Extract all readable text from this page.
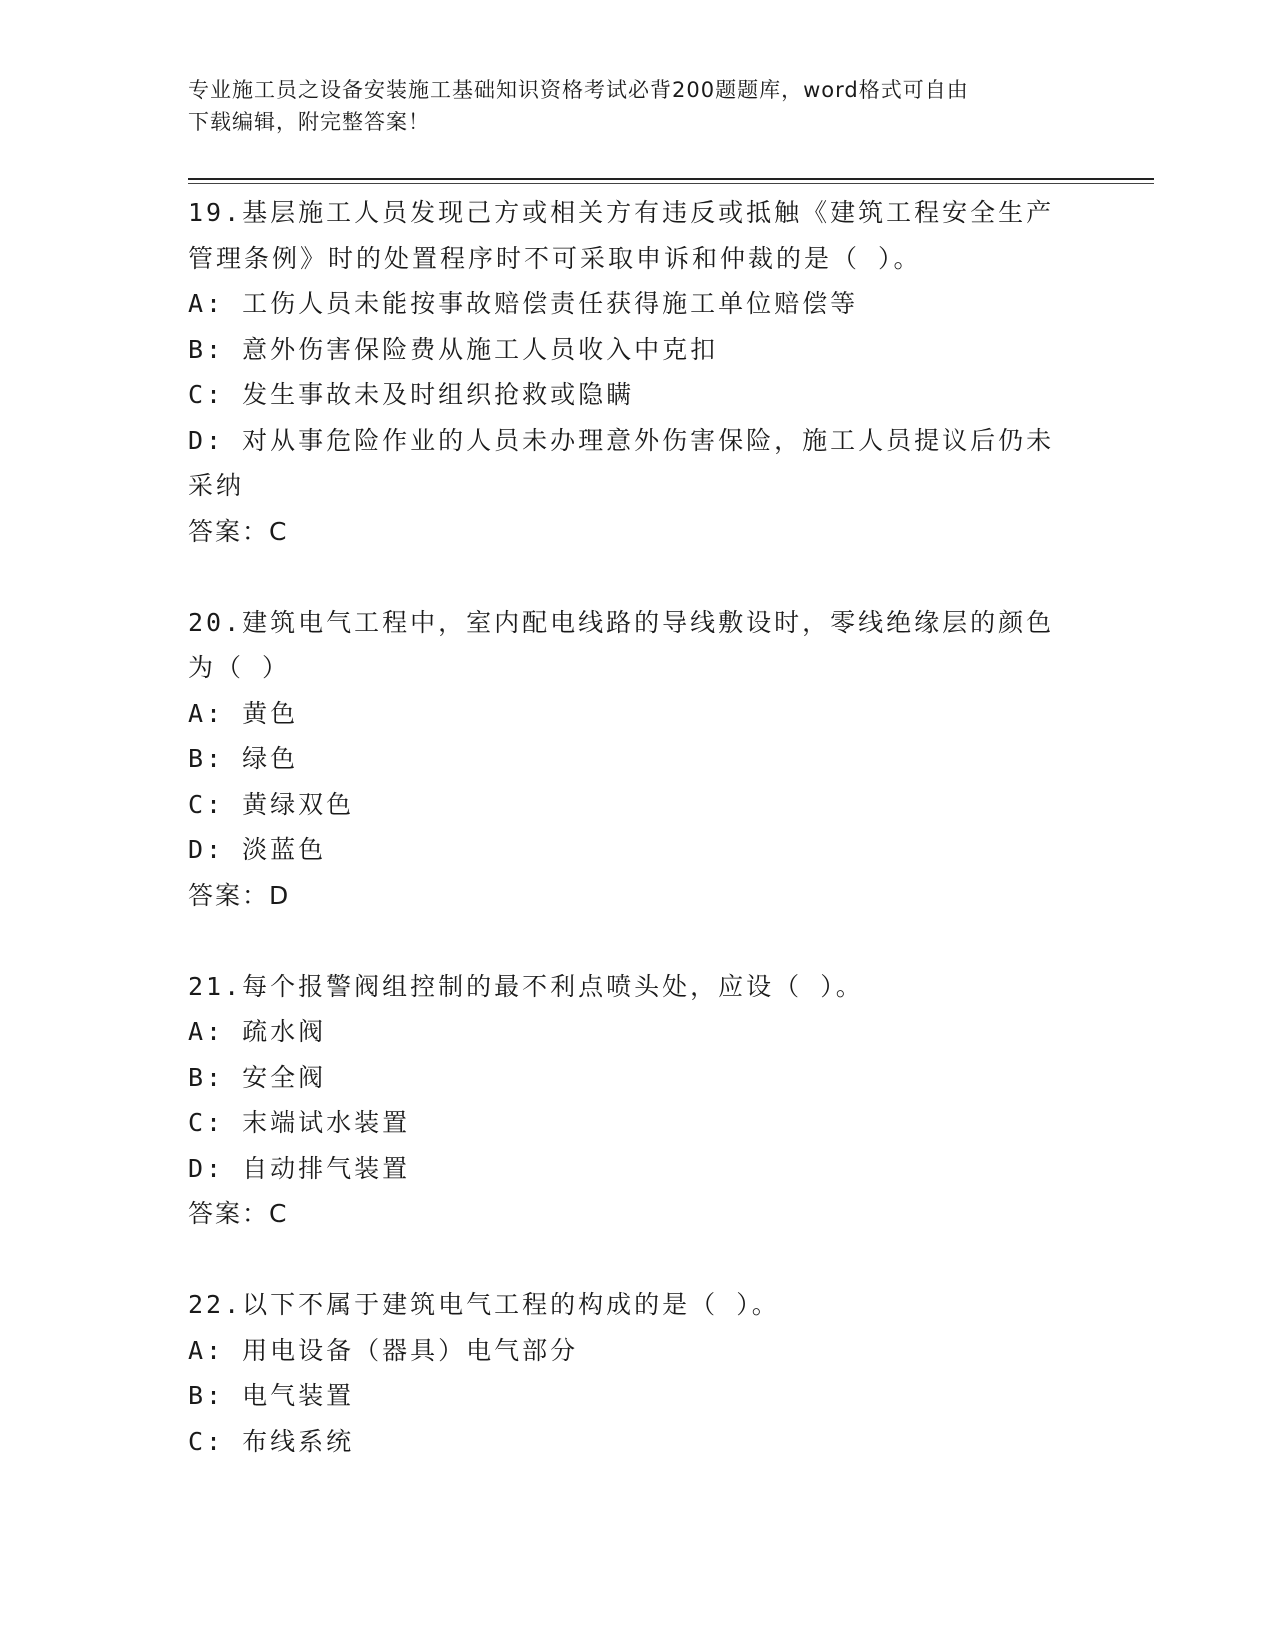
专业施工员之设备安装施工基础知识资格考试必背200题题库，word格式可自由
下载编辑，附完整答案！
19.基层施工人员发现己方或相关方有违反或抵触《建筑工程安全生产
管理条例》时的处置程序时不可采取申诉和仲裁的是（ ）。
A: 工伤人员未能按事故赔偿责任获得施工单位赔偿等
B: 意外伤害保险费从施工人员收入中克扣
C: 发生事故未及时组织抢救或隐瞒
D: 对从事危险作业的人员未办理意外伤害保险，施工人员提议后仍未
采纳
答案：C
20.建筑电气工程中，室内配电线路的导线敷设时，零线绝缘层的颜色
为（ ）
A: 黄色
B: 绿色
C: 黄绿双色
D: 淡蓝色
答案：D
21.每个报警阀组控制的最不利点喷头处，应设（ ）。
A: 疏水阀
B: 安全阀
C: 末端试水装置
D: 自动排气装置
答案：C
22.以下不属于建筑电气工程的构成的是（ ）。
A: 用电设备（器具）电气部分
B: 电气装置
C: 布线系统
